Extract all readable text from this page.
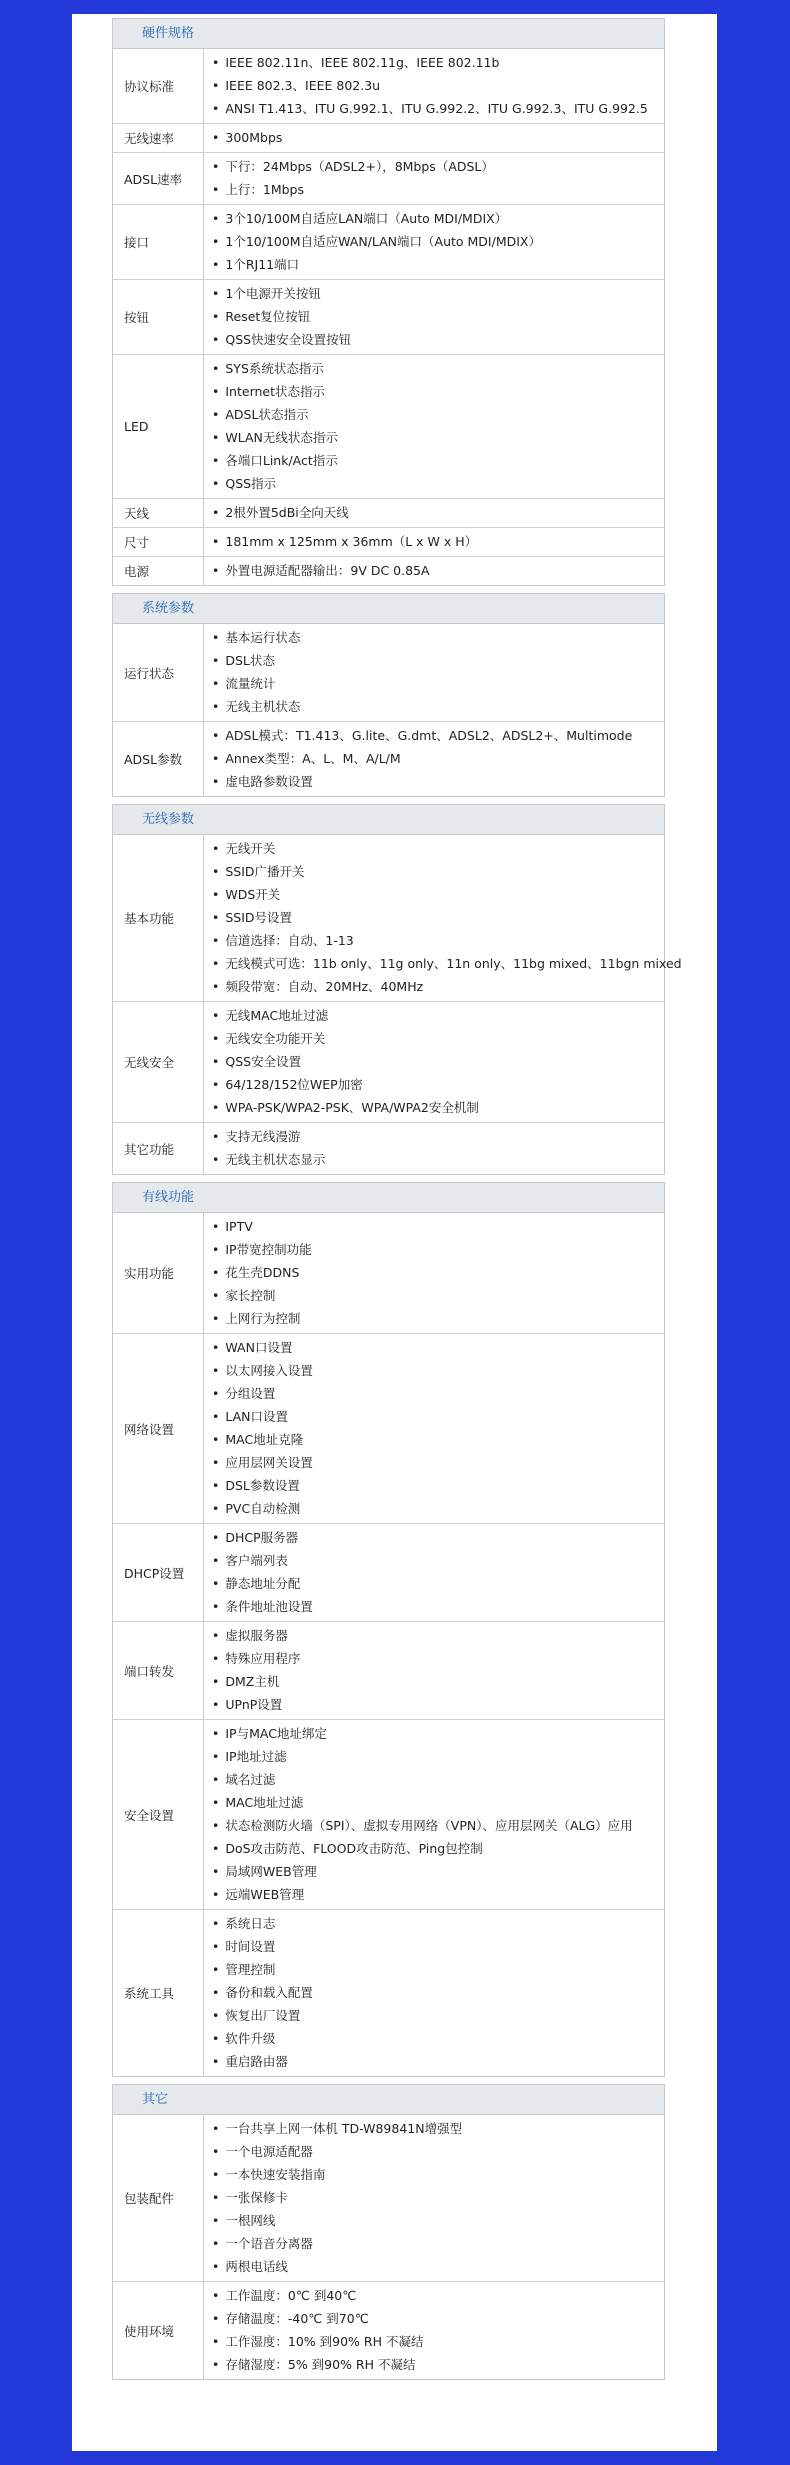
硬件规格
协议标准
• IEEE 802.11n、IEEE 802.11g、IEEE 802.11b
• IEEE 802.3、IEEE 802.3u
• ANSI T1.413、ITU G.992.1、ITU G.992.2、ITU G.992.3、ITU G.992.5
无线速率	• 300Mbps
ADSL速率
• 下行：24Mbps（ADSL2+），8Mbps（ADSL）
• 上行：1Mbps
接口
• 3个10/100M自适应LAN端口（Auto MDI/MDIX）
• 1个10/100M自适应WAN/LAN端口（Auto MDI/MDIX）
• 1个RJ11端口
按钮
• 1个电源开关按钮
• Reset复位按钮
• QSS快速安全设置按钮
LED
• SYS系统状态指示
• Internet状态指示
• ADSL状态指示
• WLAN无线状态指示
• 各端口Link/Act指示
• QSS指示
天线	• 2根外置5dBi全向天线
尺寸	• 181mm x 125mm x 36mm（L x W x H）
电源	• 外置电源适配器输出：9V DC 0.85A
系统参数
运行状态
• 基本运行状态
• DSL状态
• 流量统计
• 无线主机状态
ADSL参数
• ADSL模式：T1.413、G.lite、G.dmt、ADSL2、ADSL2+、Multimode
• Annex类型：A、L、M、A/L/M
• 虚电路参数设置
无线参数
基本功能
• 无线开关
• SSID广播开关
• WDS开关
• SSID号设置
• 信道选择：自动、1-13
• 无线模式可选：11b only、11g only、11n only、11bg mixed、11bgn mixed
• 频段带宽：自动、20MHz、40MHz
无线安全
• 无线MAC地址过滤
• 无线安全功能开关
• QSS安全设置
• 64/128/152位WEP加密
• WPA-PSK/WPA2-PSK、WPA/WPA2安全机制
其它功能
• 支持无线漫游
• 无线主机状态显示
有线功能
实用功能
• IPTV
• IP带宽控制功能
• 花生壳DDNS
• 家长控制
• 上网行为控制
网络设置
• WAN口设置
• 以太网接入设置
• 分组设置
• LAN口设置
• MAC地址克隆
• 应用层网关设置
• DSL参数设置
• PVC自动检测
DHCP设置
• DHCP服务器
• 客户端列表
• 静态地址分配
• 条件地址池设置
端口转发
• 虚拟服务器
• 特殊应用程序
• DMZ主机
• UPnP设置
安全设置
• IP与MAC地址绑定
• IP地址过滤
• 域名过滤
• MAC地址过滤
• 状态检测防火墙（SPI）、虚拟专用网络（VPN）、应用层网关（ALG）应用
• DoS攻击防范、FLOOD攻击防范、Ping包控制
• 局域网WEB管理
• 远端WEB管理
系统工具
• 系统日志
• 时间设置
• 管理控制
• 备份和载入配置
• 恢复出厂设置
• 软件升级
• 重启路由器
其它
包装配件
• 一台共享上网一体机 TD-W89841N增强型
• 一个电源适配器
• 一本快速安装指南
• 一张保修卡
• 一根网线
• 一个语音分离器
• 两根电话线
使用环境
• 工作温度：0℃ 到40℃
• 存储温度：-40℃ 到70℃
• 工作湿度：10% 到90% RH 不凝结
• 存储湿度：5% 到90% RH 不凝结
